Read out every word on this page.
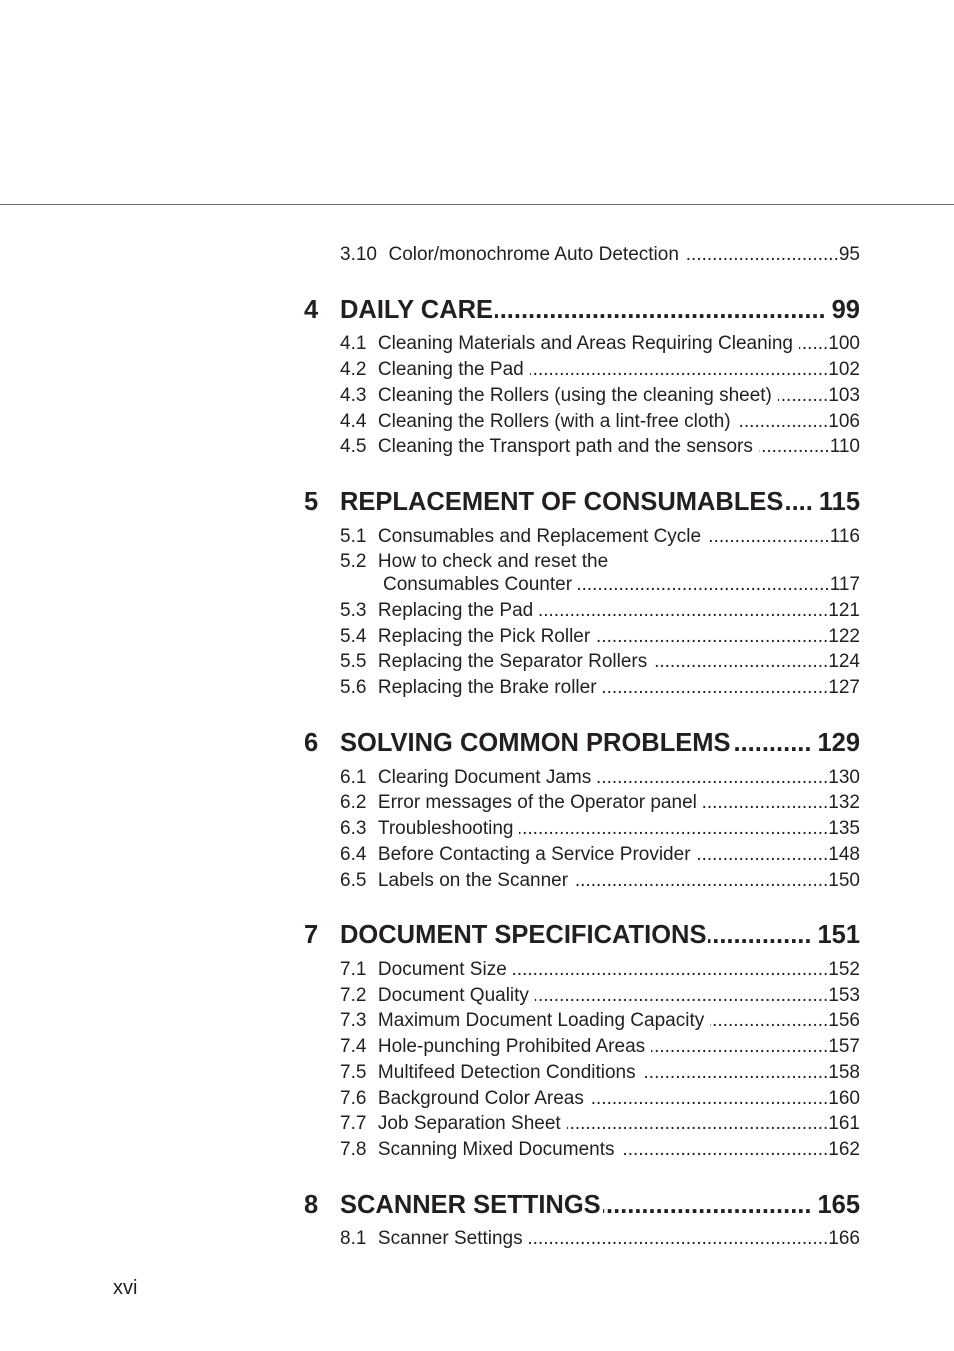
3.10 Color/monochrome Auto Detection .....	95
4 DAILY CARE .....	99
4.1 Cleaning Materials and Areas Requiring Cleaning ..... 100
4.2 Cleaning the Pad .....	102
4.3 Cleaning the Rollers (using the cleaning sheet) .....	103
4.4 Cleaning the Rollers (with a lint-free cloth) .....	106
4.5 Cleaning the Transport path and the sensors .....	110
5 REPLACEMENT OF CONSUMABLES ..... 115
5.1 Consumables and Replacement Cycle .....	116
5.2 How to check and reset the
Consumables Counter .....	117
5.3 Replacing the Pad .....	121
5.4 Replacing the Pick Roller .....	122
5.5 Replacing the Separator Rollers .....	124
5.6 Replacing the Brake roller .....	127
6 SOLVING COMMON PROBLEMS .....	129
6.1 Clearing Document Jams .....	130
6.2 Error messages of the Operator panel .....	132
6.3 Troubleshooting .....	135
6.4 Before Contacting a Service Provider .....	148
6.5 Labels on the Scanner .....	150
7 DOCUMENT SPECIFICATIONS .....	151
7.1 Document Size .....	152
7.2 Document Quality .....	153
7.3 Maximum Document Loading Capacity .....	156
7.4 Hole-punching Prohibited Areas .....	157
7.5 Multifeed Detection Conditions .....	158
7.6 Background Color Areas .....	160
7.7 Job Separation Sheet .....	161
7.8 Scanning Mixed Documents .....	162
8 SCANNER SETTINGS .....	165
8.1 Scanner Settings .....	166
xvi
